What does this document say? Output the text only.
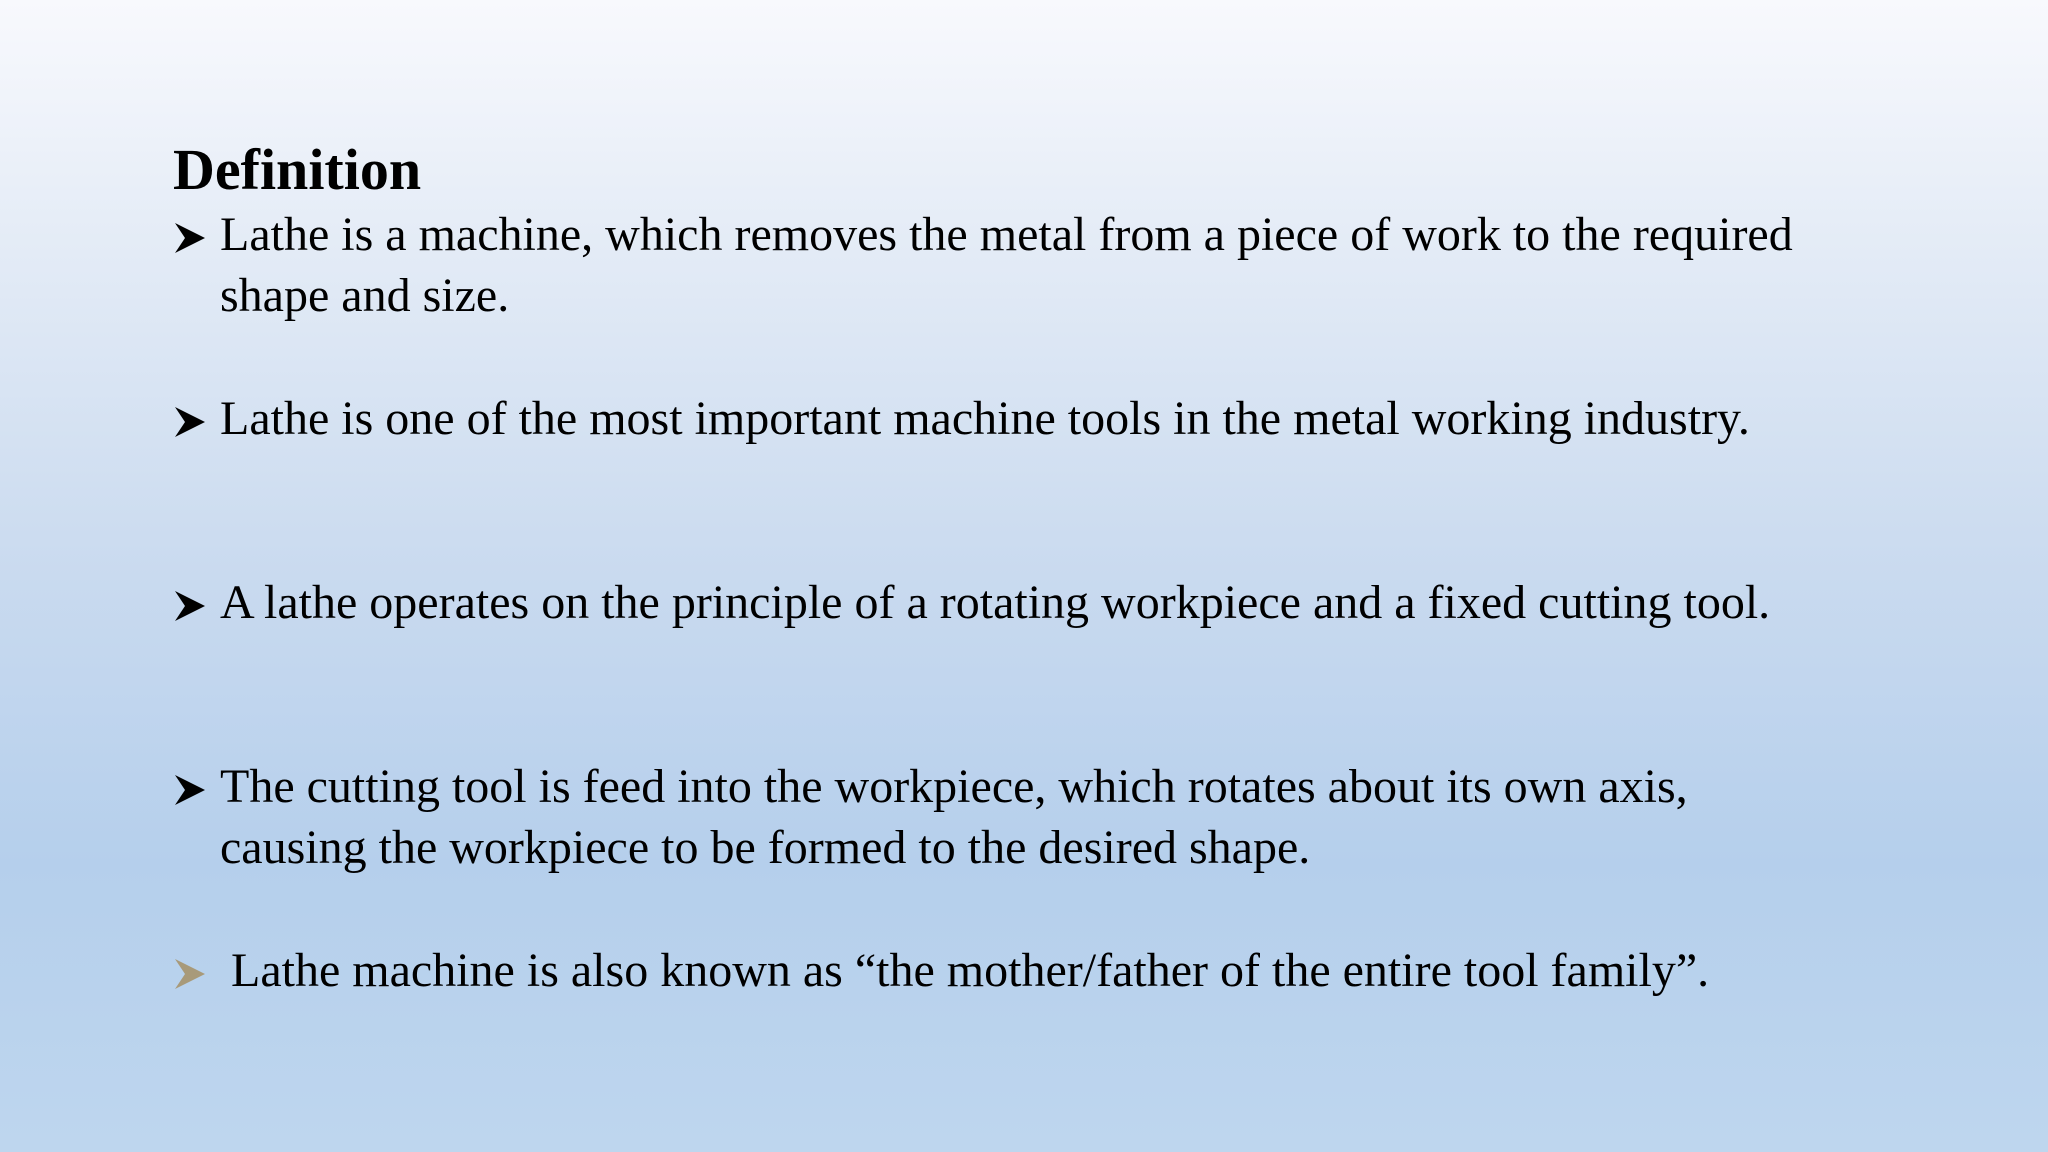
Definition
Lathe is a machine, which removes the metal from a piece of work to the required shape and size.
Lathe is one of the most important machine tools in the metal working industry.
A lathe operates on the principle of a rotating workpiece and a fixed cutting tool.
The cutting tool is feed into the workpiece, which rotates about its own axis, causing the workpiece to be formed to the desired shape.
Lathe machine is also known as “the mother/father of the entire tool family”.
